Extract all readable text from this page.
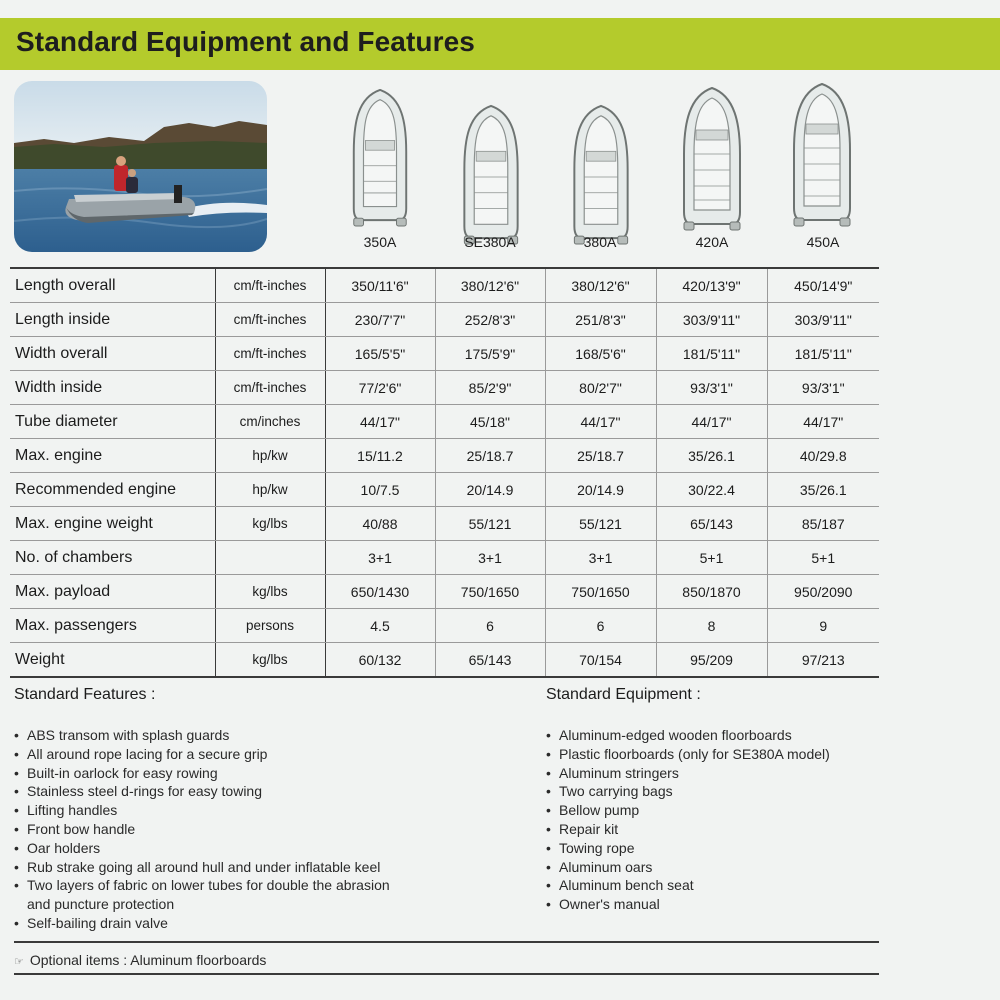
Standard Equipment and Features
350A	SE380A	380A	420A	450A
Length overall	cm/ft-inches	350/11'6"	380/12'6"	380/12'6"	420/13'9"	450/14'9"
Length inside	cm/ft-inches	230/7'7"	252/8'3"	251/8'3"	303/9'11"	303/9'11"
Width overall	cm/ft-inches	165/5'5"	175/5'9"	168/5'6"	181/5'11"	181/5'11"
Width inside	cm/ft-inches	77/2'6"	85/2'9"	80/2'7"	93/3'1"	93/3'1"
Tube diameter	cm/inches	44/17"	45/18"	44/17"	44/17"	44/17"
Max. engine	hp/kw	15/11.2	25/18.7	25/18.7	35/26.1	40/29.8
Recommended engine	hp/kw	10/7.5	20/14.9	20/14.9	30/22.4	35/26.1
Max. engine weight	kg/lbs	40/88	55/121	55/121	65/143	85/187
No. of chambers		3+1	3+1	3+1	5+1	5+1
Max. payload	kg/lbs	650/1430	750/1650	750/1650	850/1870	950/2090
Max. passengers	persons	4.5	6	6	8	9
Weight	kg/lbs	60/132	65/143	70/154	95/209	97/213
Standard Features :
• ABS transom with splash guards
• All around rope lacing for a secure grip
• Built-in oarlock for easy rowing
• Stainless steel d-rings for easy towing
• Lifting handles
• Front bow handle
• Oar holders
• Rub strake going all around hull and under inflatable keel
• Two layers of fabric on lower tubes for double the abrasion and puncture protection
• Self-bailing drain valve
Standard Equipment :
• Aluminum-edged wooden floorboards
• Plastic floorboards (only for SE380A model)
• Aluminum stringers
• Two carrying bags
• Bellow pump
• Repair kit
• Towing rope
• Aluminum oars
• Aluminum bench seat
• Owner's manual
☞ Optional items : Aluminum floorboards
